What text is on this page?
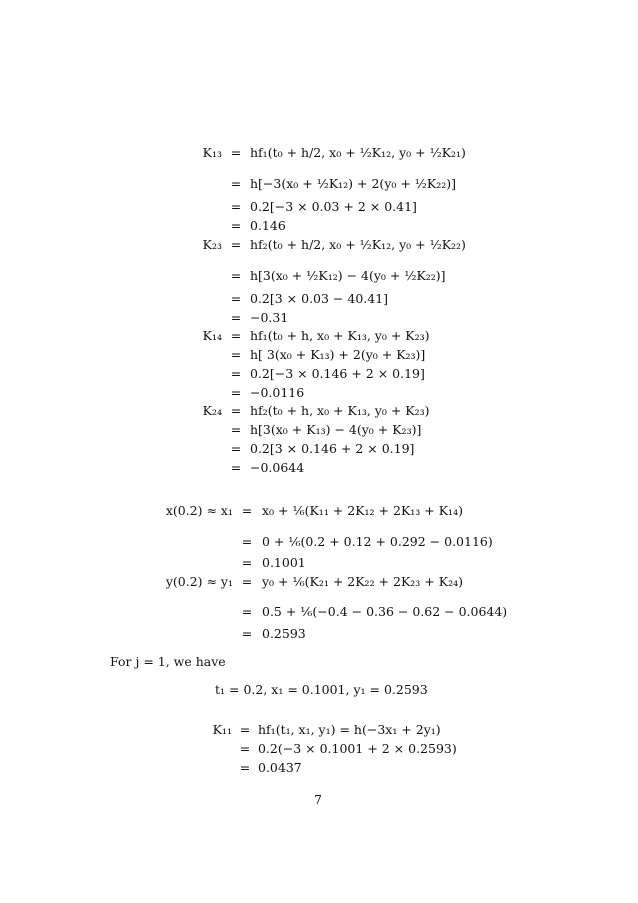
K₁₃ = hf₁(t₀ + h/2, x₀ + ½K₁₂, y₀ + ½K₂₁)
= h[−3(x₀ + ½K₁₂) + 2(y₀ + ½K₂₂)]
= 0.2[−3 × 0.03 + 2 × 0.41]
= 0.146
K₂₃ = hf₂(t₀ + h/2, x₀ + ½K₁₂, y₀ + ½K₂₂)
= h[3(x₀ + ½K₁₂) − 4(y₀ + ½K₂₂)]
= 0.2[3 × 0.03 − 40.41]
= −0.31
K₁₄ = hf₁(t₀ + h, x₀ + K₁₃, y₀ + K₂₃)
= h[ 3(x₀ + K₁₃) + 2(y₀ + K₂₃)]
= 0.2[−3 × 0.146 + 2 × 0.19]
= −0.0116
K₂₄ = hf₂(t₀ + h, x₀ + K₁₃, y₀ + K₂₃)
= h[3(x₀ + K₁₃) − 4(y₀ + K₂₃)]
= 0.2[3 × 0.146 + 2 × 0.19]
= −0.0644
x(0.2) ≈ x₁ = x₀ + ⅙(K₁₁ + 2K₁₂ + 2K₁₃ + K₁₄)
= 0 + ⅙(0.2 + 0.12 + 0.292 − 0.0116)
= 0.1001
y(0.2) ≈ y₁ = y₀ + ⅙(K₂₁ + 2K₂₂ + 2K₂₃ + K₂₄)
= 0.5 + ⅙(−0.4 − 0.36 − 0.62 − 0.0644)
= 0.2593
K₁₁ = hf₁(t₁, x₁, y₁) = h(−3x₁ + 2y₁)
= 0.2(−3 × 0.1001 + 2 × 0.2593)
= 0.0437
For j = 1, we have
t₁ = 0.2, x₁ = 0.1001, y₁ = 0.2593
7
